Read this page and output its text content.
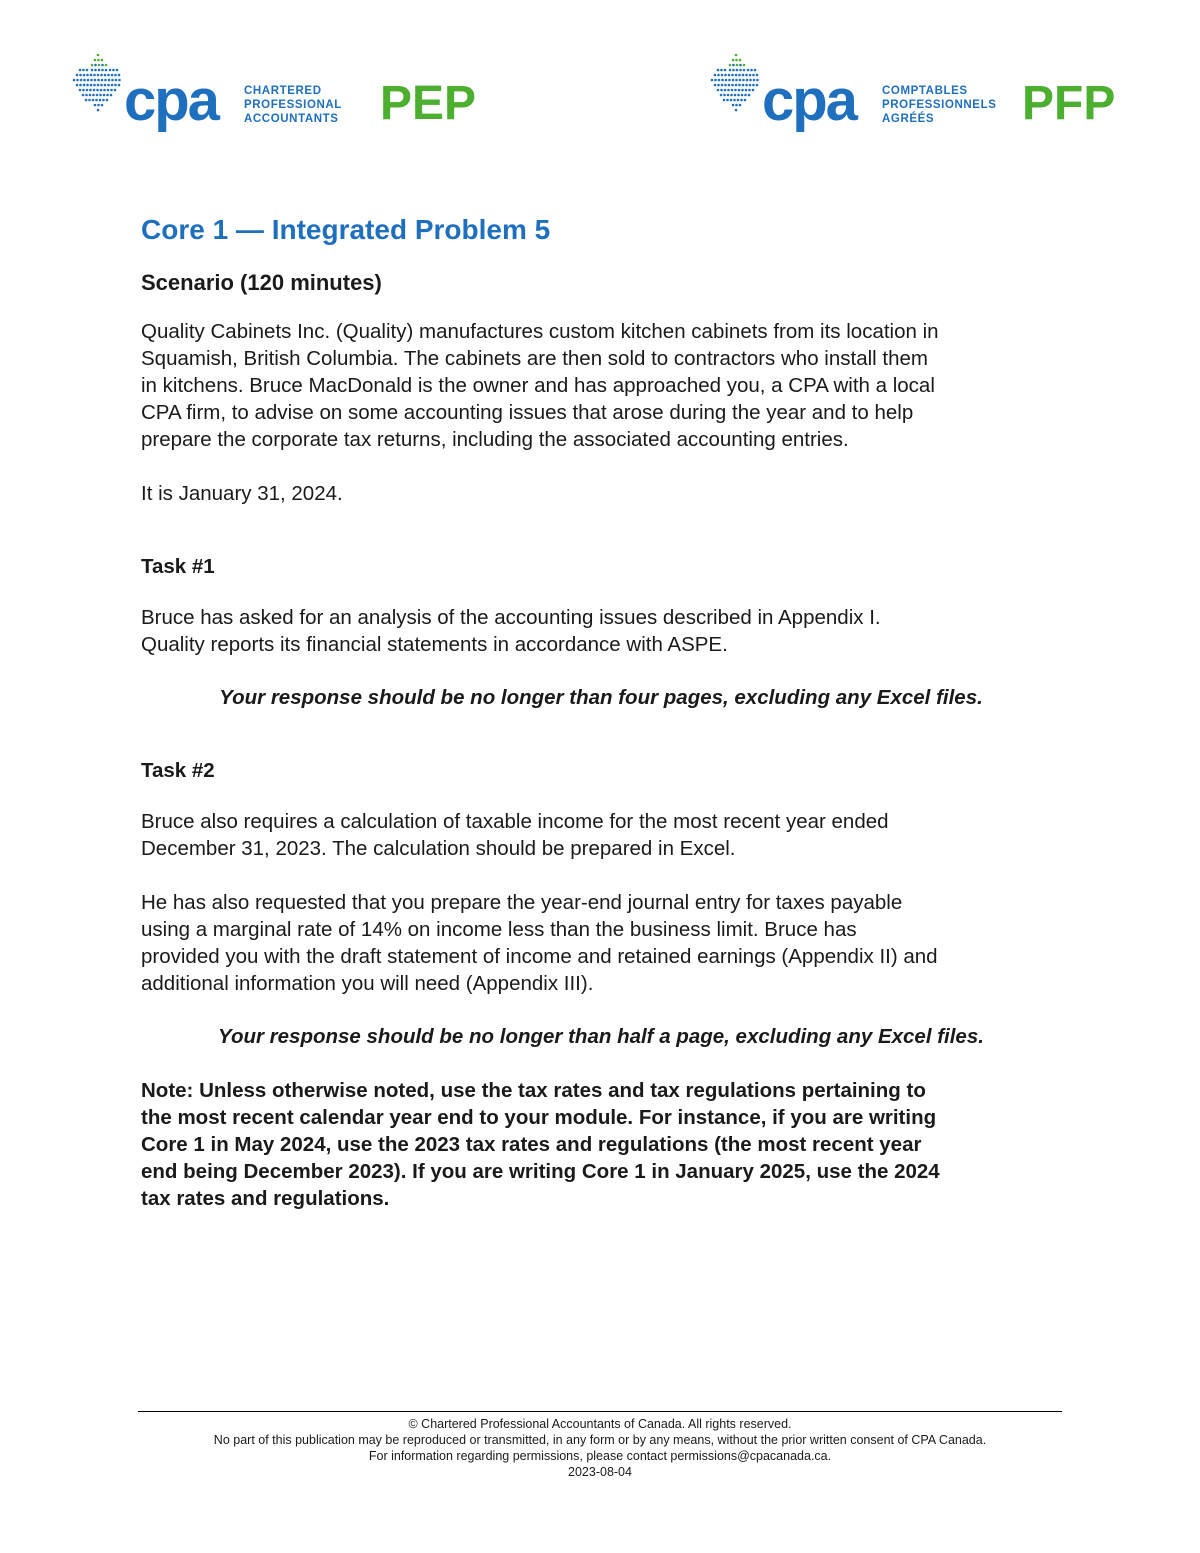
cpa CHARTERED
PROFESSIONAL
ACCOUNTANTS PEP	cpa COMPTABLES
PROFESSIONNELS
AGRÉÉS	PFP
Core 1 — Integrated Problem 5
Scenario (120 minutes)

Quality Cabinets Inc. (Quality) manufactures custom kitchen cabinets from its location in
Squamish, British Columbia. The cabinets are then sold to contractors who install them
in kitchens. Bruce MacDonald is the owner and has approached you, a CPA with a local
CPA firm, to advise on some accounting issues that arose during the year and to help
prepare the corporate tax returns, including the associated accounting entries.

It is January 31, 2024.

Task #1

Bruce has asked for an analysis of the accounting issues described in Appendix I.
Quality reports its financial statements in accordance with ASPE.

Your response should be no longer than four pages, excluding any Excel files.

Task #2

Bruce also requires a calculation of taxable income for the most recent year ended
December 31, 2023. The calculation should be prepared in Excel.

He has also requested that you prepare the year-end journal entry for taxes payable
using a marginal rate of 14% on income less than the business limit. Bruce has
provided you with the draft statement of income and retained earnings (Appendix II) and
additional information you will need (Appendix III).

Your response should be no longer than half a page, excluding any Excel files.

Note: Unless otherwise noted, use the tax rates and tax regulations pertaining to
the most recent calendar year end to your module. For instance, if you are writing
Core 1 in May 2024, use the 2023 tax rates and regulations (the most recent year
end being December 2023). If you are writing Core 1 in January 2025, use the 2024
tax rates and regulations.

© Chartered Professional Accountants of Canada. All rights reserved.
No part of this publication may be reproduced or transmitted, in any form or by any means, without the prior written consent of CPA Canada.
For information regarding permissions, please contact permissions@cpacanada.ca.
2023-08-04
